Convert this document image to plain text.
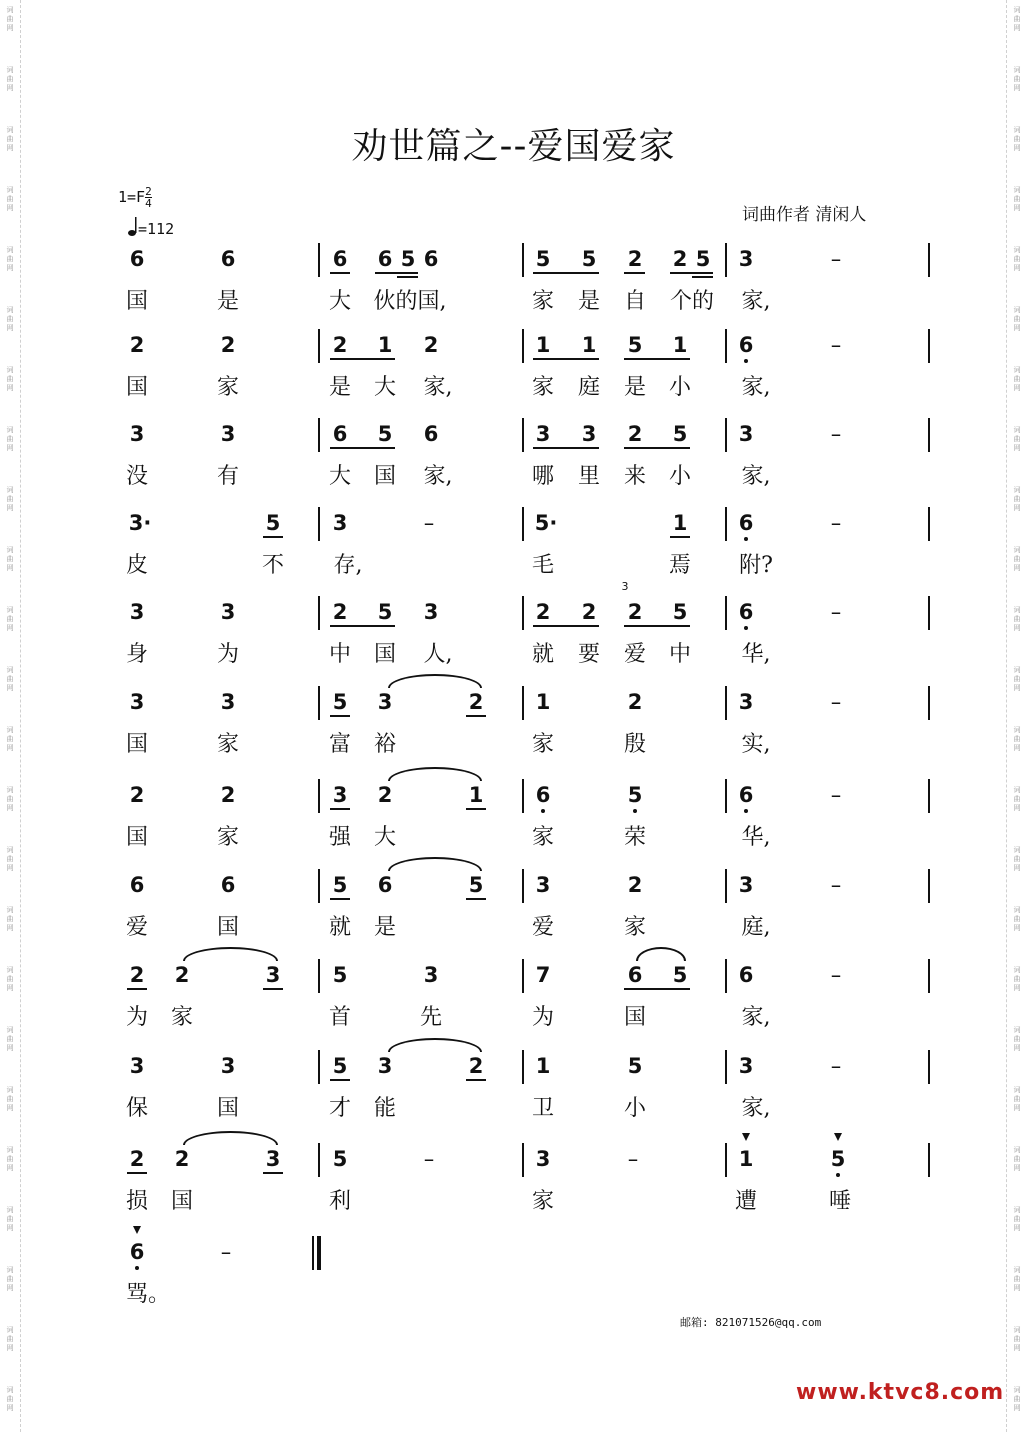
词
曲
网
词
曲
网
词
曲
网
词
曲
网
词
曲
网
词
曲
网
词
曲
网
词
曲
网
词
曲
网
词
曲
网
词
曲
网
词
曲
网
词
曲
网
词
曲
网
词
曲
网
词
曲
网
词
曲
网
词
曲
网
词
曲
网
词
曲
网
词
曲
网
词
曲
网
词
曲
网
词
曲
网
词
曲
网
词
曲
网
词
曲
网
词
曲
网
词
曲
网
词
曲
网
词
曲
网
词
曲
网
词
曲
网
词
曲
网
词
曲
网
词
曲
网
词
曲
网
词
曲
网
词
曲
网
词
曲
网
词
曲
网
词
曲
网
词
曲
网
词
曲
网
词
曲
网
词
曲
网
词
曲
网
词
曲
网
劝世篇之--爱国爱家
$1=F \frac{2}{4}$
=112
词曲作者 清闲人
6	6	6 6 5 6	5 5 2 2 5 3	–
国	是	大 伙的国,	家 是 自 个的 家,
2	2	2 1 2	1 1 5 1 6	–
国	家	是 大 家,	家 庭 是 小 家,
3	3	6 5 6	3 3 2 5 3	–
没	有	大 国 家,	哪 里 来 小 家,
3·	5 3	–	5·	1 6	–
皮	不 存,	毛	焉 附?
3	3	2 5 3	2 2 2 5 6	–
身	为	中 国 人,	就 要 爱 中 华,
3	3	5 3	2 1	2	3	–
国	家	富 裕	家	殷	实,
2	2	3 2	1 6	5	6	–
国	家	强 大	家	荣	华,
6	6	5 6	5 3	2	3	–
爱	国	就 是	爱	家	庭,
2 2	3 5	3	7	6 5 6	–
为 家	首	先	为	国	家,
3	3	5 3	2 1	5	3	–
保	国	才 能	卫	小	家,
2 2	3 5	–	3	–	1	5
损 国	利	家	遭	唾
6	–
骂。
3
邮箱: 821071526@qq.com
www.ktvc8.com
